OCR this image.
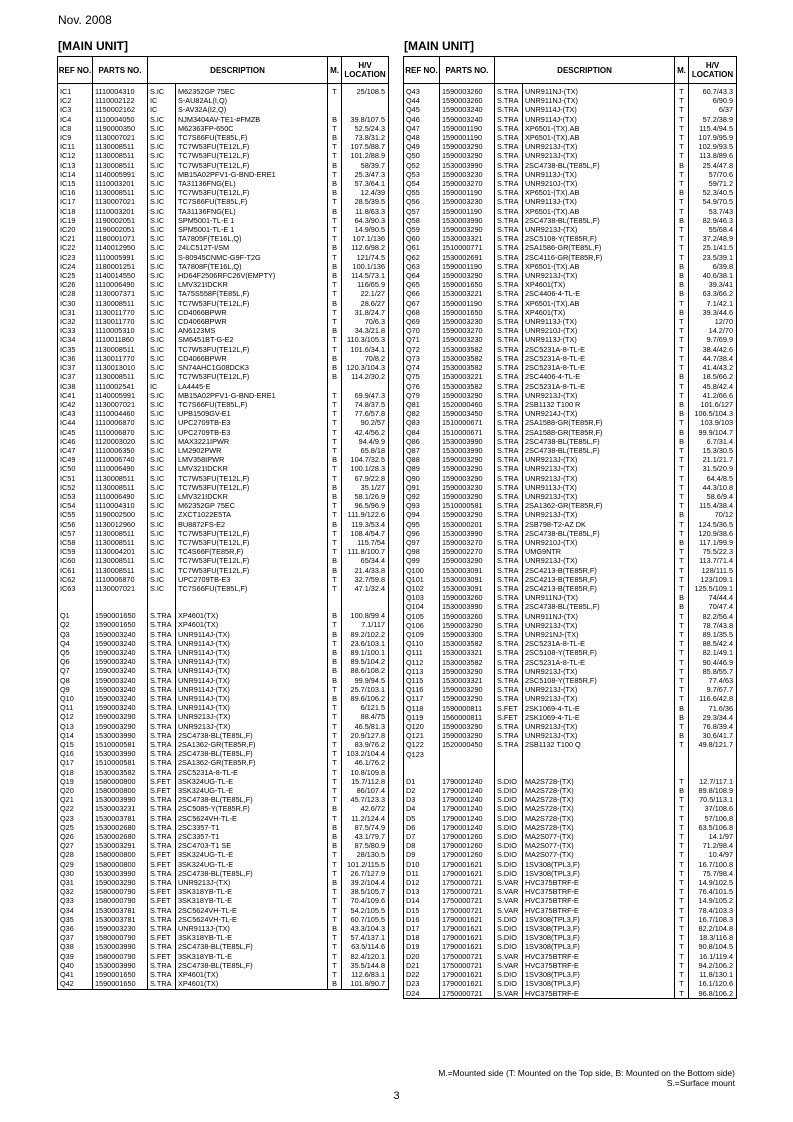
Nov. 2008
[MAIN UNIT]	[MAIN UNIT]
REF NO.	PARTS NO.	DESCRIPTION		M.	H/V LOCATION
IC1	1110004310	S.IC	M62352GP 75EC	T	25/108.5
IC2	1110002122	IC	S-AU82AL(I,Q)		
IC3	1150002162	IC	S-AV32A(I2,Q)		
IC4	1110004050	S.IC	NJM3404AV-TE1-#FMZB	B	39.8/107.5
IC8	1190000350	S.IC	M62363FP-650C	T	52.5/24.3
IC9	1130007021	S.IC	TC7S66FU(TE85L,F)	B	73.8/31.2
IC11	1130008511	S.IC	TC7W53FU(TE12L,F)	T	107.5/88.7
IC12	1130008511	S.IC	TC7W53FU(TE12L,F)	T	101.2/88.9
IC13	1130008511	S.IC	TC7W53FU(TE12L,F)	B	58/39.7
IC14	1140005991	S.IC	MB15A02PFV1-G-BND-ERE1	T	25.3/47.3
IC15	1110003201	S.IC	TA31136FNG(EL)	B	57.3/64.1
IC16	1130008511	S.IC	TC7W53FU(TE12L,F)	B	12.4/39
IC17	1130007021	S.IC	TC7S66FU(TE85L,F)	T	28.5/39.5
IC18	1110003201	S.IC	TA31136FNG(EL)	B	11.8/63.3
IC19	1190002051	S.IC	SPM5001-TL-E 1	T	64.3/90.3
IC20	1190002051	S.IC	SPM5001-TL-E 1	T	14.9/90.5
IC21	1180001071	S.IC	TA7805F(TE16L,Q)	T	107.1/136
IC22	1140012950	S.IC	24LC512T-I/SM	B	112.6/98.2
IC23	1110005991	S.IC	S-80945CNMC-G9F-T2G	T	121/74.5
IC24	1180001251	S.IC	TA7808F(TE16L,Q)	B	100.1/136
IC25	1140014550	S.IC	HD64F2506RFC26V(EMPTY)	B	114.5/73.1
IC26	1110006490	S.IC	LMV321IDCKR	T	116/65.9
IC28	1130007371	S.IC	TA75S558F(TE85L,F)	T	22.1/27
IC30	1130008511	S.IC	TC7W53FU(TE12L,F)	B	28.6/27
IC31	1130011770	S.IC	CD4066BPWR	T	31.8/24.7
IC32	1130011770	S.IC	CD4066BPWR	T	70/6.3
IC33	1110005310	S.IC	AN6123MS	B	34.3/21.8
IC34	1110011860	S.IC	SM6451BT-G-E2	T	110.3/105.3
IC35	1130008511	S.IC	TC7W53FU(TE12L,F)	T	101.6/34.1
IC36	1130011770	S.IC	CD4066BPWR	B	70/8.2
IC37	1130013010	S.IC	SN74AHC1G08DCK3	B	120.3/104.3
IC37	1130008511	S.IC	TC7W53FU(TE12L,F)	B	114.2/30.2
IC38	1110002541	IC	LA4445-E		
IC41	1140005991	S.IC	MB15A02PFV1-G-BND-ERE1	T	69.9/47.3
IC42	1130007021	S.IC	TC7S66FU(TE85L,F)	T	74.8/37.5
IC43	1110004460	S.IC	UPB1509GV-E1	T	77.6/57.8
IC44	1110006870	S.IC	UPC2709TB-E3	T	90.2/57
IC45	1110006870	S.IC	UPC2709TB-E3	T	42.4/56.2
IC46	1120003020	S.IC	MAX3221IPWR	T	94.4/9.9
IC47	1110006350	S.IC	LM2902PWR	T	65.8/18
IC49	1110006740	S.IC	LMV358IPWR	B	104.7/32.5
IC50	1110006490	S.IC	LMV321IDCKR	T	100.1/28.3
IC51	1130008511	S.IC	TC7W53FU(TE12L,F)	T	67.9/22.8
IC52	1130008511	S.IC	TC7W53FU(TE12L,F)	B	35.1/27
IC53	1110006490	S.IC	LMV321IDCKR	B	58.1/26.9
IC54	1110004310	S.IC	M62352GP 75EC	T	96.5/96.9
IC55	1190002500	S.IC	ZXCT1022E5TA	T	111.9/122.6
IC56	1130012960	S.IC	BU8872FS-E2	B	119.3/53.4
IC57	1130008511	S.IC	TC7W53FU(TE12L,F)	T	108.4/54.7
IC58	1130008511	S.IC	TC7W53FU(TE12L,F)	T	115.7/54
IC59	1130004201	S.IC	TC4S66F(TE85R,F)	T	111.8/100.7
IC60	1130008511	S.IC	TC7W53FU(TE12L,F)	B	65/34.4
IC61	1130008511	S.IC	TC7W53FU(TE12L,F)	B	21.4/33.8
IC62	1110006870	S.IC	UPC2709TB-E3	T	32.7/59.8
IC63	1130007021	S.IC	TC7S66FU(TE85L,F)	T	47.1/32.4

Q1	1590001650	S.TRA	XP4601(TX)	B	100.8/99.4
Q2	1590001650	S.TRA	XP4601(TX)	T	7.1/117
Q3	1590003240	S.TRA	UNR9114J-(TX)	B	89.2/102.2
Q4	1590003240	S.TRA	UNR9114J-(TX)	T	23.6/103.1
Q5	1590003240	S.TRA	UNR9114J-(TX)	B	89.1/100.1
Q6	1590003240	S.TRA	UNR9114J-(TX)	B	89.5/104.2
Q7	1590003240	S.TRA	UNR9114J-(TX)	B	88.6/108.2
Q8	1590003240	S.TRA	UNR9114J-(TX)	B	99.9/94.5
Q9	1590003240	S.TRA	UNR9114J-(TX)	T	25.7/103.1
Q10	1590003240	S.TRA	UNR9114J-(TX)	B	89.6/106.2
Q11	1590003240	S.TRA	UNR9114J-(TX)	T	6/121.5
Q12	1590003290	S.TRA	UNR9213J-(TX)	T	88.4/75
Q13	1590003290	S.TRA	UNR9213J-(TX)	T	46.5/81.3
Q14	1530003990	S.TRA	2SC4738-BL(TE85L,F)	T	20.9/127.8
Q15	1510000581	S.TRA	2SA1362-GR(TE85R,F)	T	83.9/76.2
Q16	1530003990	S.TRA	2SC4738-BL(TE85L,F)	T	103.2/104.4
Q17	1510000581	S.TRA	2SA1362-GR(TE85R,F)	T	46.1/76.2
Q18	1530003582	S.TRA	2SC5231A-8-TL-E	T	10.8/109.8
Q19	1580000800	S.FET	3SK324UG-TL-E	T	15.7/112.8
Q20	1580000800	S.FET	3SK324UG-TL-E	T	86/107.4
Q21	1530003990	S.TRA	2SC4738-BL(TE85L,F)	T	45.7/123.3
Q22	1530003231	S.TRA	2SC5085-Y(TE85R,F)	B	42.6/72
Q23	1530003781	S.TRA	2SC5624VH-TL-E	T	11.2/124.4
Q25	1530002680	S.TRA	2SC3357-T1	B	87.5/74.9
Q26	1530002680	S.TRA	2SC3357-T1	B	43.1/79.7
Q27	1530003291	S.TRA	2SC4703-T1 SE	B	87.5/80.9
Q28	1580000800	S.FET	3SK324UG-TL-E	T	28/130.5
Q29	1580000800	S.FET	3SK324UG-TL-E	T	101.2/115.5
Q30	1530003990	S.TRA	2SC4738-BL(TE85L,F)	T	26.7/127.9
Q31	1590003290	S.TRA	UNR9213J-(TX)	B	39.2/104.4
Q32	1580000790	S.FET	3SK318YB-TL-E	T	38.5/105.7
Q33	1580000790	S.FET	3SK318YB-TL-E	T	70.4/109.6
Q34	1530003781	S.TRA	2SC5624VH-TL-E	T	54.2/105.5
Q35	1530003781	S.TRA	2SC5624VH-TL-E	T	60.7/105.5
Q36	1590003230	S.TRA	UNR9113J-(TX)	B	43.3/104.3
Q37	1580000790	S.FET	3SK318YB-TL-E	T	57.4/137.1
Q38	1530003990	S.TRA	2SC4738-BL(TE85L,F)	T	63.5/114.6
Q39	1580000790	S.FET	3SK318YB-TL-E	T	82.4/120.1
Q40	1530003990	S.TRA	2SC4738-BL(TE85L,F)	T	35.5/144.8
Q41	1590001650	S.TRA	XP4601(TX)	T	112.6/83.1
Q42	1590001650	S.TRA	XP4601(TX)	B	101.8/90.7
REF NO.	PARTS NO.	DESCRIPTION		M.	H/V LOCATION
Q43	1590003260	S.TRA	UNR911NJ-(TX)	T	60.7/43.3
Q44	1590003260	S.TRA	UNR911NJ-(TX)	T	6/90.9
Q45	1590003240	S.TRA	UNR9114J-(TX)	T	6/37
Q46	1590003240	S.TRA	UNR9114J-(TX)	T	57.2/38.9
Q47	1590001190	S.TRA	XP6501-(TX).AB	T	115.4/94.5
Q48	1590001190	S.TRA	XP6501-(TX).AB	T	107.9/95.9
Q49	1590003290	S.TRA	UNR9213J-(TX)	T	102.9/93.5
Q50	1590003290	S.TRA	UNR9213J-(TX)	T	113.8/89.6
Q52	1530003990	S.TRA	2SC4738-BL(TE85L,F)	B	25.4/47.8
Q53	1590003230	S.TRA	UNR9113J-(TX)	T	57/70.6
Q54	1590003270	S.TRA	UNR9210J-(TX)	T	59/71.2
Q55	1590001190	S.TRA	XP6501-(TX).AB	B	52.3/40.5
Q56	1590003230	S.TRA	UNR9113J-(TX)	T	54.9/70.5
Q57	1590001190	S.TRA	XP6501-(TX).AB	T	53.7/43
Q58	1530003990	S.TRA	2SC4738-BL(TE85L,F)	B	82.9/46.3
Q59	1590003290	S.TRA	UNR9213J-(TX)	T	55/68.4
Q60	1530003321	S.TRA	2SC5108-Y(TE85R,F)	T	37.2/48.9
Q61	1510000771	S.TRA	2SA1586-GR(TE85L,F)	T	25.1/41.5
Q62	1530002691	S.TRA	2SC4116-GR(TE85R,F)	T	23.5/39.1
Q63	1590001190	S.TRA	XP6501-(TX).AB	B	6/39.8
Q64	1590003290	S.TRA	UNR9213J-(TX)	B	40.6/38.1
Q65	1590001650	S.TRA	XP4601(TX)	B	39.3/41
Q66	1530003221	S.TRA	2SC4406-4-TL-E	B	63.3/66.2
Q67	1590001190	S.TRA	XP6501-(TX).AB	T	7.1/42.1
Q68	1590001650	S.TRA	XP4601(TX)	B	39.3/44.6
Q69	1590003230	S.TRA	UNR9113J-(TX)	T	12/70
Q70	1590003270	S.TRA	UNR9210J-(TX)	T	14.2/70
Q71	1590003230	S.TRA	UNR9113J-(TX)	T	9.7/69.9
Q72	1530003582	S.TRA	2SC5231A-8-TL-E	T	38.4/42.6
Q73	1530003582	S.TRA	2SC5231A-8-TL-E	T	44.7/38.4
Q74	1530003582	S.TRA	2SC5231A-8-TL-E	T	41.4/43.2
Q75	1530003221	S.TRA	2SC4406-4-TL-E	B	18.5/66.2
Q76	1530003582	S.TRA	2SC5231A-8-TL-E	T	45.8/42.4
Q79	1590003290	S.TRA	UNR9213J-(TX)	T	41.2/66.6
Q81	1520000460	S.TRA	2SB1132 T100 R	B	101.6/127
Q82	1590003450	S.TRA	UNR9214J-(TX)	B	106.5/104.3
Q83	1510000671	S.TRA	2SA1588-GR(TE85R,F)	T	103.9/103
Q84	1510000671	S.TRA	2SA1588-GR(TE85R,F)	B	99.9/104.7
Q86	1530003990	S.TRA	2SC4738-BL(TE85L,F)	B	6.7/31.4
Q87	1530003990	S.TRA	2SC4738-BL(TE85L,F)	T	15.3/30.5
Q88	1590003290	S.TRA	UNR9213J-(TX)	T	21.1/21.7
Q89	1590003290	S.TRA	UNR9213J-(TX)	T	31.5/20.9
Q90	1590003290	S.TRA	UNR9213J-(TX)	T	64.4/8.5
Q91	1590003230	S.TRA	UNR9113J-(TX)	T	44.3/10.8
Q92	1590003290	S.TRA	UNR9213J-(TX)	T	58.6/9.4
Q93	1510000581	S.TRA	2SA1362-GR(TE85R,F)	T	115.4/38.4
Q94	1590003290	S.TRA	UNR9213J-(TX)	B	70/12
Q95	1530000201	S.TRA	2SB798-T2-AZ DK	T	124.5/36.5
Q96	1530003990	S.TRA	2SC4738-BL(TE85L,F)	T	120.9/38.6
Q97	1590003270	S.TRA	UNR9210J-(TX)	B	117.1/99.9
Q98	1590002270	S.TRA	UMG9NTR	T	75.5/22.3
Q99	1590003290	S.TRA	UNR9213J-(TX)	T	113.7/71.4
Q100	1530003091	S.TRA	2SC4213-B(TE85R,F)	T	128/111.5
Q101	1530003091	S.TRA	2SC4213-B(TE85R,F)	T	123/109.1
Q102	1530003091	S.TRA	2SC4213-B(TE85R,F)	T	125.5/109.1
Q103	1590003260	S.TRA	UNR911NJ-(TX)	B	74/44.4
Q104	1530003990	S.TRA	2SC4738-BL(TE85L,F)	B	70/47.4
Q105	1590003260	S.TRA	UNR911NJ-(TX)	T	82.2/56.4
Q106	1590003290	S.TRA	UNR9213J-(TX)	T	78.7/43.8
Q109	1590003300	S.TRA	UNR921NJ-(TX)	T	89.1/35.5
Q110	1530003582	S.TRA	2SC5231A-8-TL-E	T	88.5/42.4
Q111	1530003321	S.TRA	2SC5108-Y(TE85R,F)	T	82.1/49.1
Q112	1530003582	S.TRA	2SC5231A-8-TL-E	T	90.4/46.9
Q113	1590003290	S.TRA	UNR9213J-(TX)	T	85.8/55.7
Q115	1530003321	S.TRA	2SC5108-Y(TE85R,F)	T	77.4/63
Q116	1590003290	S.TRA	UNR9213J-(TX)	T	9.7/67.7
Q117	1590003290	S.TRA	UNR9213J-(TX)	T	116.6/42.8
Q118	1590000811	S.FET	2SK1069-4-TL-E	B	71.6/36
Q119	1560000811	S.FET	2SK1069-4-TL-E	B	29.3/34.4
Q120	1590003290	S.TRA	UNR9213J-(TX)	T	76.8/39.4
Q121	1590003290	S.TRA	UNR9213J-(TX)	B	30.6/41.7
Q122	1520000450	S.TRA	2SB1132 T100 Q	T	49.8/121.7
Q123					

D1	1790001240	S.DIO	MA2S728-(TX)	T	12.7/117.1
D2	1790001240	S.DIO	MA2S728-(TX)	B	89.8/108.9
D3	1790001240	S.DIO	MA2S728-(TX)	T	70.5/113.1
D4	1790001240	S.DIO	MA2S728-(TX)	T	37/108.6
D5	1790001240	S.DIO	MA2S728-(TX)	T	57/106.8
D6	1790001240	S.DIO	MA2S728-(TX)	T	63.5/106.8
D7	1790001260	S.DIO	MA2S077-(TX)	T	14.1/97
D8	1790001260	S.DIO	MA2S077-(TX)	T	71.2/98.4
D9	1790001260	S.DIO	MA2S077-(TX)	T	10.4/97
D10	1790001621	S.DIO	1SV308(TPL3,F)	T	16.7/100.8
D11	1790001621	S.DIO	1SV308(TPL3,F)	T	75.7/98.4
D12	1750000721	S.VAR	HVC375BTRF-E	T	14.9/102.5
D13	1750000721	S.VAR	HVC375BTRF-E	T	76.4/101.5
D14	1750000721	S.VAR	HVC375BTRF-E	T	14.9/105.2
D15	1750000721	S.VAR	HVC375BTRF-E	T	78.4/103.3
D16	1790001621	S.DIO	1SV308(TPL3,F)	T	16.7/108.3
D17	1790001621	S.DIO	1SV308(TPL3,F)	T	82.2/104.8
D18	1790001621	S.DIO	1SV308(TPL3,F)	T	18.3/116.8
D19	1790001621	S.DIO	1SV308(TPL3,F)	T	90.8/104.5
D20	1750000721	S.VAR	HVC375BTRF-E	T	16.1/119.4
D21	1750000721	S.VAR	HVC375BTRF-E	T	94.2/106.2
D22	1790001621	S.DIO	1SV308(TPL3,F)	T	11.8/130.1
D23	1790001621	S.DIO	1SV308(TPL3,F)	T	16.1/120.6
D24	1750000721	S.VAR	HVC375BTRF-E	T	96.8/106.2
M.=Mounted side (T: Mounted on the Top side, B: Mounted on the Bottom side)
S.=Surface mount
3
